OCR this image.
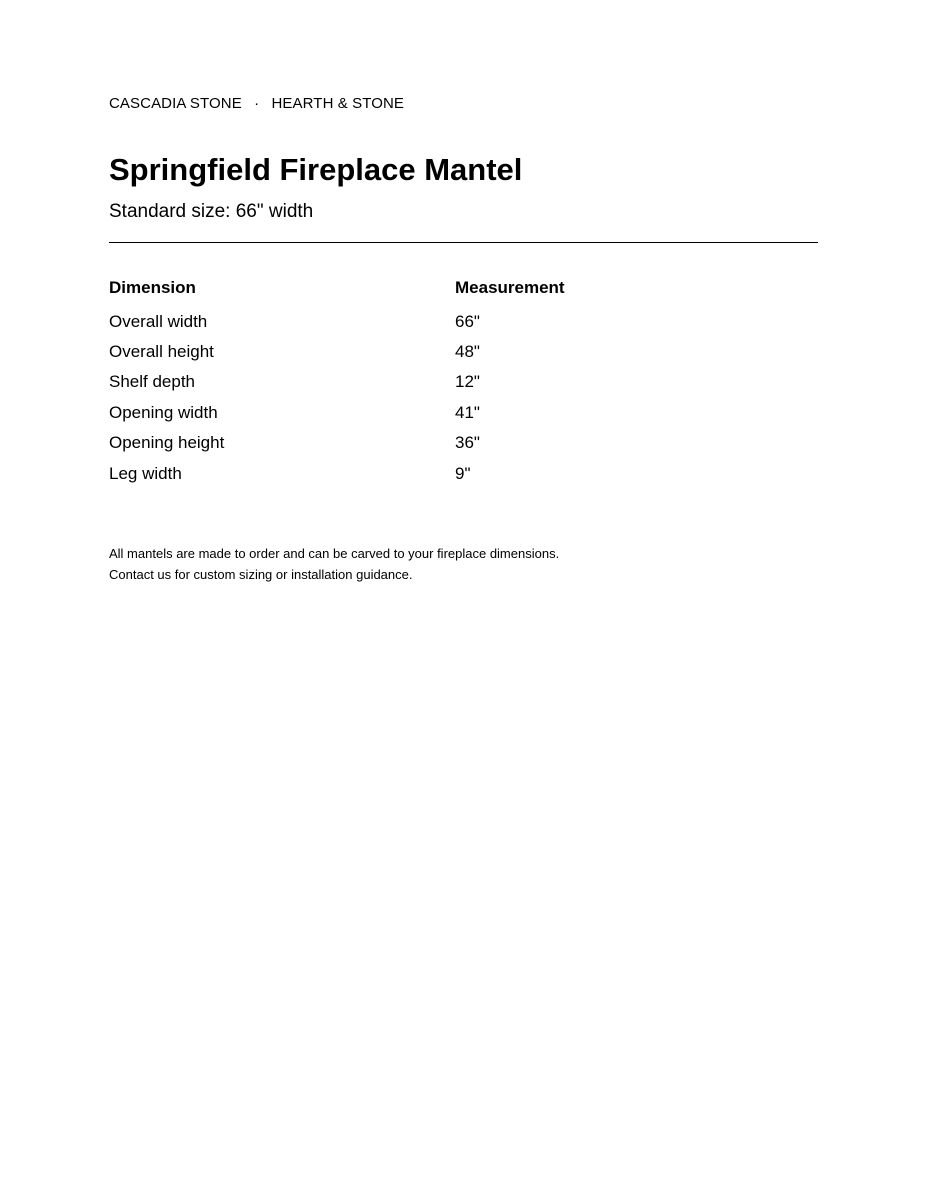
CASCADIA STONE · HEARTH & STONE
Springfield Fireplace Mantel
Standard size: 66" width
Dimension	Measurement
Overall width	66"
Overall height	48"
Shelf depth	12"
Opening width	41"
Opening height	36"
Leg width	9"
All mantels are made to order and can be carved to your fireplace dimensions.
Contact us for custom sizing or installation guidance.
